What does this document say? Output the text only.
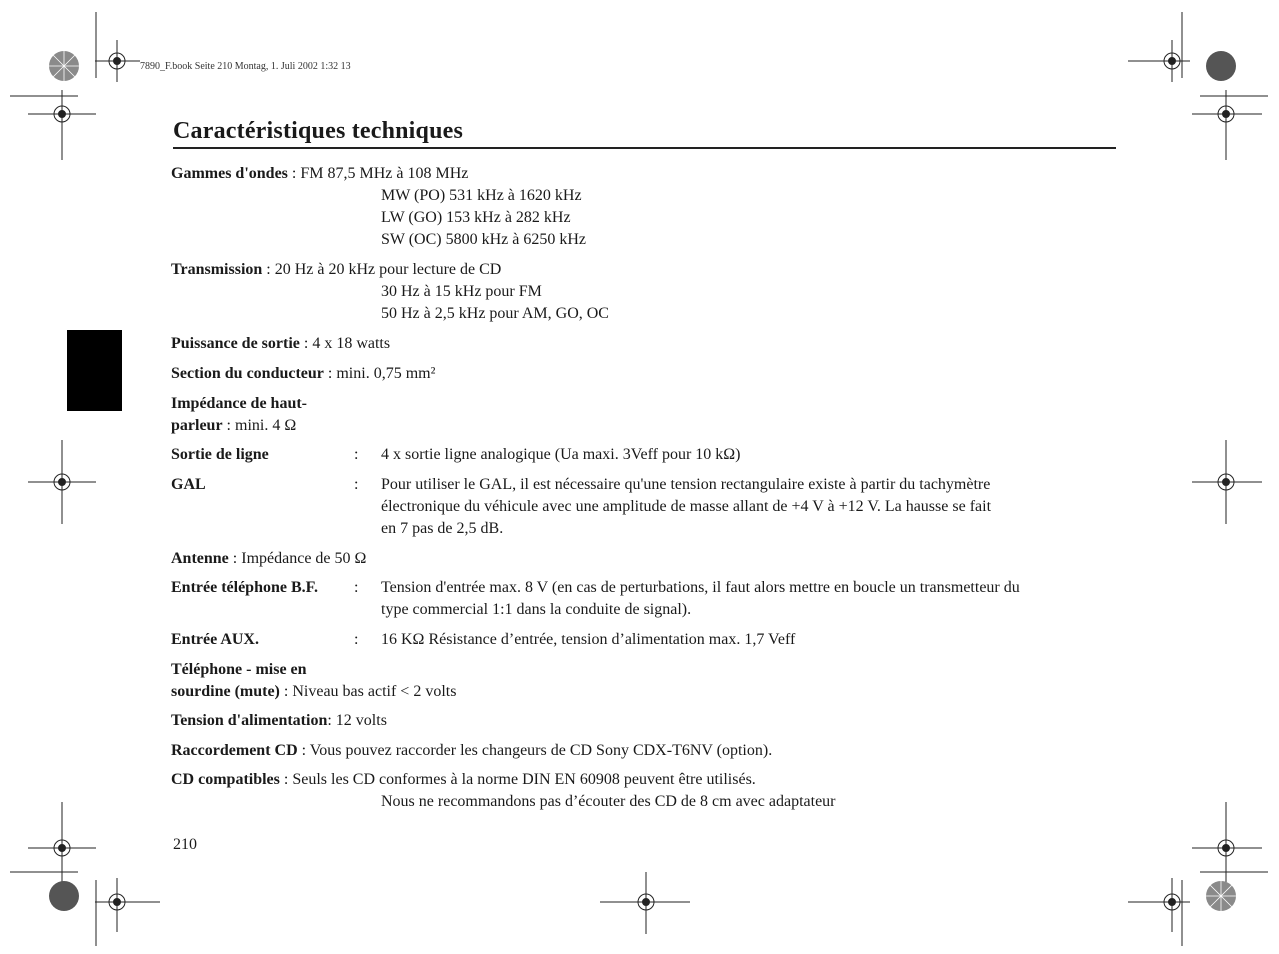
7890_F.book Seite 210 Montag, 1. Juli 2002 1:32 13
Caractéristiques techniques
Gammes d'ondes : FM 87,5 MHz à 108 MHz
MW (PO) 531 kHz à 1620 kHz
LW (GO) 153 kHz à 282 kHz
SW (OC) 5800 kHz à 6250 kHz
Transmission : 20 Hz à 20 kHz pour lecture de CD
30 Hz à 15 kHz pour FM
50 Hz à 2,5 kHz pour AM, GO, OC
Puissance de sortie : 4 x 18 watts
Section du conducteur : mini. 0,75 mm²
Impédance de haut-
parleur : mini. 4 Ω
Sortie de ligne	: 4 x sortie ligne analogique (Ua maxi. 3Veff pour 10 kΩ)
GAL	: Pour utiliser le GAL, il est nécessaire qu'une tension rectangulaire existe à partir du tachymètre
électronique du véhicule avec une amplitude de masse allant de +4 V à +12 V. La hausse se fait
en 7 pas de 2,5 dB.
Antenne : Impédance de 50 Ω
Entrée téléphone B.F. : Tension d'entrée max. 8 V (en cas de perturbations, il faut alors mettre en boucle un transmetteur du
type commercial 1:1 dans la conduite de signal).
Entrée AUX.	: 16 KΩ Résistance d’entrée, tension d’alimentation max. 1,7 Veff
Téléphone - mise en
sourdine (mute) : Niveau bas actif < 2 volts
Tension d'alimentation: 12 volts
Raccordement CD : Vous pouvez raccorder les changeurs de CD Sony CDX-T6NV (option).
CD compatibles : Seuls les CD conformes à la norme DIN EN 60908 peuvent être utilisés.
Nous ne recommandons pas d’écouter des CD de 8 cm avec adaptateur
210
